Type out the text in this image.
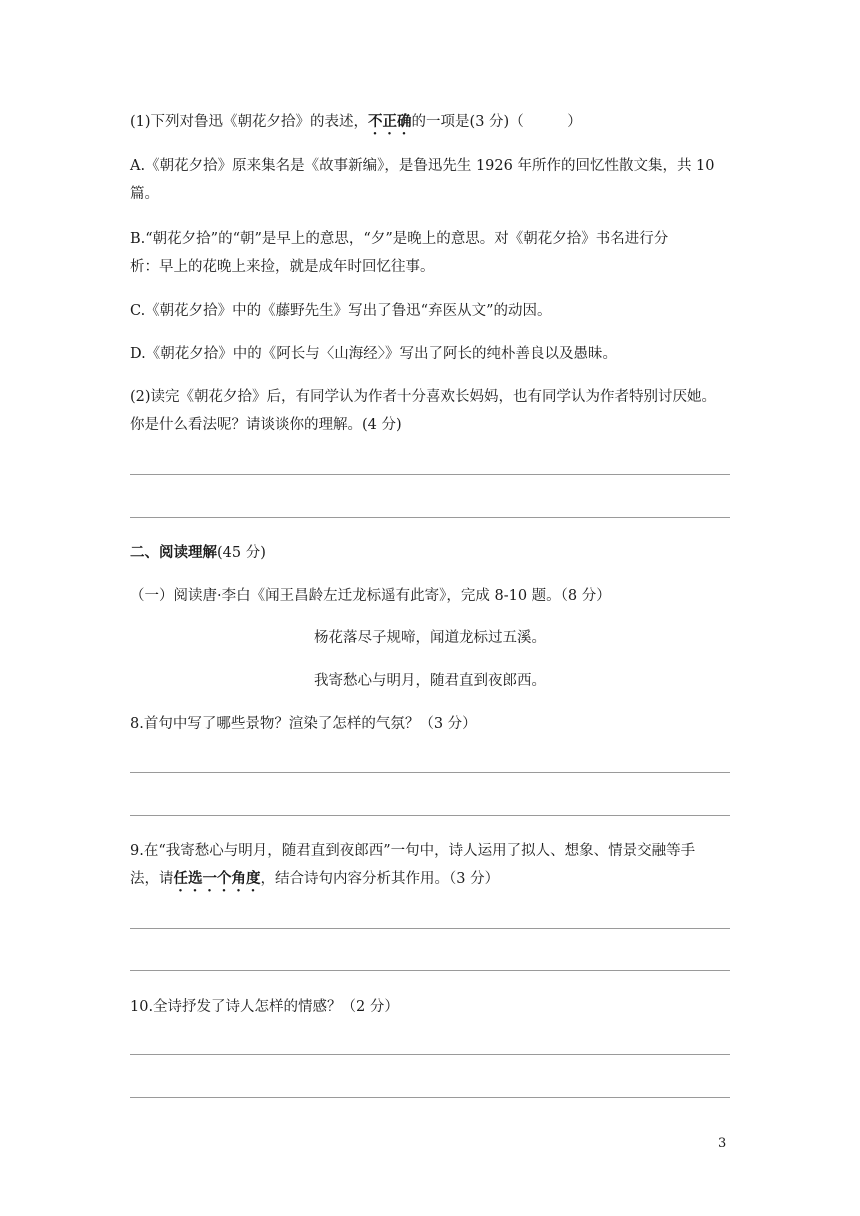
(1)下列对鲁迅《朝花夕拾》的表述，不正确的一项是(3 分)（　　　）
A.《朝花夕拾》原来集名是《故事新编》，是鲁迅先生 1926 年所作的回忆性散文集，共 10
篇。
B.“朝花夕拾”的“朝”是早上的意思，“夕”是晚上的意思。对《朝花夕拾》书名进行分
析：早上的花晚上来捡，就是成年时回忆往事。
C.《朝花夕拾》中的《藤野先生》写出了鲁迅“弃医从文”的动因。
D.《朝花夕拾》中的《阿长与〈山海经〉》写出了阿长的纯朴善良以及愚昧。
(2)读完《朝花夕拾》后，有同学认为作者十分喜欢长妈妈，也有同学认为作者特别讨厌她。
你是什么看法呢？请谈谈你的理解。(4 分)
二、阅读理解(45 分)
（一）阅读唐·李白《闻王昌龄左迁龙标遥有此寄》，完成 8-10 题。（8 分）
杨花落尽子规啼，闻道龙标过五溪。
我寄愁心与明月，随君直到夜郎西。
8.首句中写了哪些景物？渲染了怎样的气氛？（3 分）
9.在“我寄愁心与明月，随君直到夜郎西”一句中，诗人运用了拟人、想象、情景交融等手
法，请任选一个角度，结合诗句内容分析其作用。（3 分）
10.全诗抒发了诗人怎样的情感？（2 分）
3
